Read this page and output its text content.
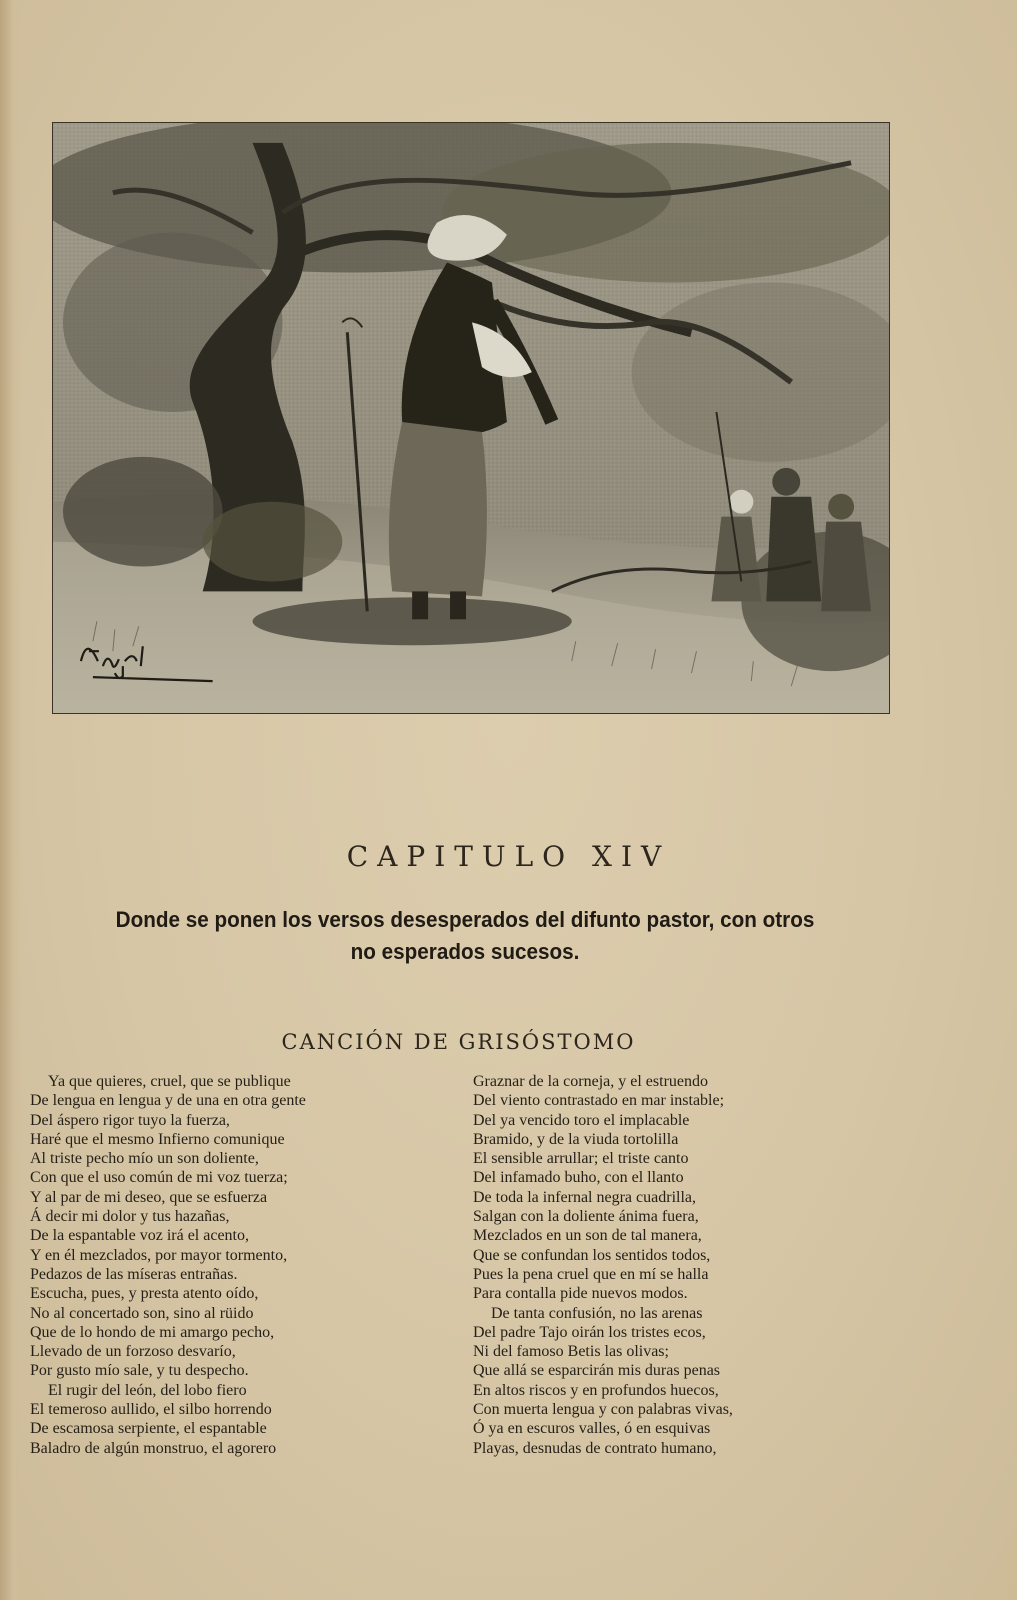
CAPITULO XIV
Donde se ponen los versos desesperados del difunto pastor, con otros
no esperados sucesos.
CANCIÓN DE GRISÓSTOMO
Ya que quieres, cruel, que se publique
De lengua en lengua y de una en otra gente
Del áspero rigor tuyo la fuerza,
Haré que el mesmo Infierno comunique
Al triste pecho mío un son doliente,
Con que el uso común de mi voz tuerza;
Y al par de mi deseo, que se esfuerza
Á decir mi dolor y tus hazañas,
De la espantable voz irá el acento,
Y en él mezclados, por mayor tormento,
Pedazos de las míseras entrañas.
Escucha, pues, y presta atento oído,
No al concertado son, sino al rüido
Que de lo hondo de mi amargo pecho,
Llevado de un forzoso desvarío,
Por gusto mío sale, y tu despecho.
El rugir del león, del lobo fiero
El temeroso aullido, el silbo horrendo
De escamosa serpiente, el espantable
Baladro de algún monstruo, el agorero
Graznar de la corneja, y el estruendo
Del viento contrastado en mar instable;
Del ya vencido toro el implacable
Bramido, y de la viuda tortolilla
El sensible arrullar; el triste canto
Del infamado buho, con el llanto
De toda la infernal negra cuadrilla,
Salgan con la doliente ánima fuera,
Mezclados en un son de tal manera,
Que se confundan los sentidos todos,
Pues la pena cruel que en mí se halla
Para contalla pide nuevos modos.
De tanta confusión, no las arenas
Del padre Tajo oirán los tristes ecos,
Ni del famoso Betis las olivas;
Que allá se esparcirán mis duras penas
En altos riscos y en profundos huecos,
Con muerta lengua y con palabras vivas,
Ó ya en escuros valles, ó en esquivas
Playas, desnudas de contrato humano,
